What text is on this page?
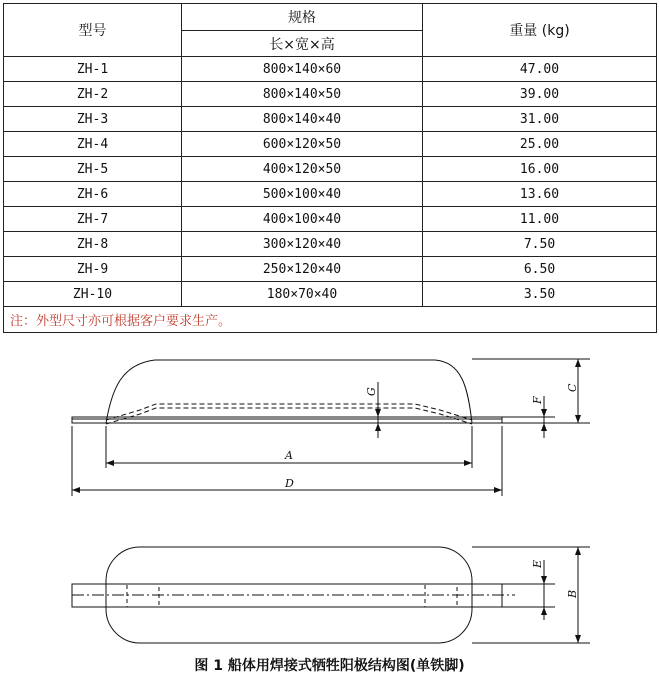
型号	规格	重量 (kg)
	长×宽×高	
ZH-1	800×140×60	47.00
ZH-2	800×140×50	39.00
ZH-3	800×140×40	31.00
ZH-4	600×120×50	25.00
ZH-5	400×120×50	16.00
ZH-6	500×100×40	13.60
ZH-7	400×100×40	11.00
ZH-8	300×120×40	7.50
ZH-9	250×120×40	6.50
ZH-10	180×70×40	3.50
注：外型尺寸亦可根据客户要求生产。		
A
D
C
F
G
B
E
图 1 船体用焊接式牺牲阳极结构图(单铁脚)
